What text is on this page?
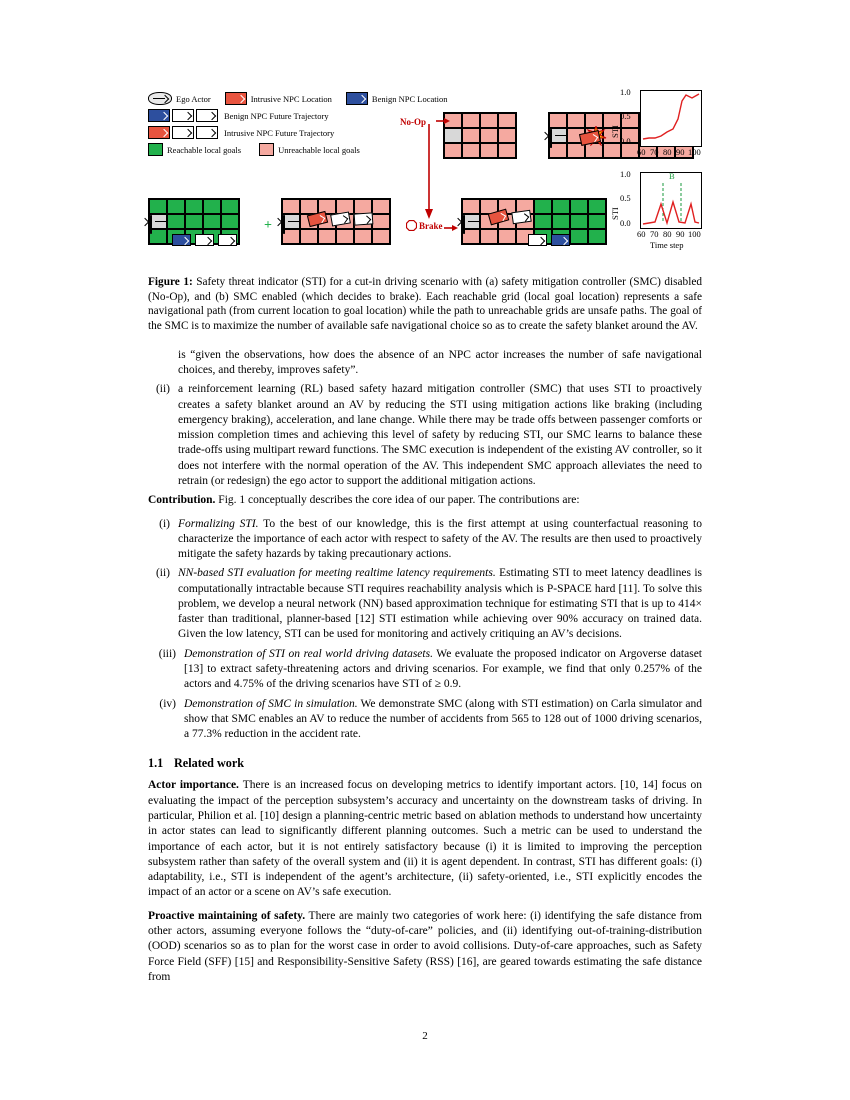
Ego Actor	Intrusive NPC Location	Benign NPC Location
Benign NPC Future Trajectory
Intrusive NPC Future Trajectory
Reachable local goals	Unreachable local goals
No-Op
Brake

+

STI
1.0
0.5
0.0
60 70 80 90 100
STI
1.0
0.5
0.0
B
60 70 80 90 100
Time step
Figure 1: Safety threat indicator (STI) for a cut-in driving scenario with (a) safety mitigation controller (SMC) disabled (No-Op), and (b) SMC enabled (which decides to brake). Each reachable grid (local goal location) represents a safe navigational path (from current location to goal location) while the path to unreachable grids are unsafe paths. The goal of the SMC is to maximize the number of available safe navigational choice so as to create the safety blanket around the AV.
is “given the observations, how does the absence of an NPC actor increases the number of safe navigational choices, and thereby, improves safety”.
(ii) a reinforcement learning (RL) based safety hazard mitigation controller (SMC) that uses STI to proactively creates a safety blanket around an AV by reducing the STI using mitigation actions like braking (including emergency braking), acceleration, and lane change. While there may be trade offs between passenger comforts or mission completion times and achieving this level of safety by reducing STI, our SMC learns to balance these trade-offs using multipart reward functions. The SMC execution is independent of the existing AV controller, so it does not interfere with the normal operation of the AV. This independent SMC approach alleviates the need to retrain (or redesign) the ego actor to support the additional mitigation actions.

Contribution. Fig. 1 conceptually describes the core idea of our paper. The contributions are:

(i) Formalizing STI. To the best of our knowledge, this is the first attempt at using counterfactual reasoning to characterize the importance of each actor with respect to safety of the AV. The results are then used to proactively mitigate the safety hazards by taking precautionary actions.
(ii) NN-based STI evaluation for meeting realtime latency requirements. Estimating STI to meet latency deadlines is computationally intractable because STI requires reachability analysis which is P-SPACE hard [11]. To solve this problem, we develop a neural network (NN) based approximation technique for estimating STI that is up to 414× faster than traditional, planner-based [12] STI estimation while achieving over 90% accuracy on trained data. Given the low latency, STI can be used for monitoring and actively critiquing an AV’s decisions.
(iii) Demonstration of STI on real world driving datasets. We evaluate the proposed indicator on Argoverse dataset [13] to extract safety-threatening actors and driving scenarios. For example, we find that only 0.257% of the actors and 4.75% of the driving scenarios have STI of ≥ 0.9.
(iv) Demonstration of SMC in simulation. We demonstrate SMC (along with STI estimation) on Carla simulator and show that SMC enables an AV to reduce the number of accidents from 565 to 128 out of 1000 driving scenarios, a 77.3% reduction in the accident rate.
1.1 Related work

Actor importance. There is an increased focus on developing metrics to identify important actors. [10, 14] focus on evaluating the impact of the perception subsystem’s accuracy and uncertainty on the downstream tasks of driving. In particular, Philion et al. [10] design a planning-centric metric based on ablation methods to understand how uncertainty in actor states can lead to significantly different planning outcomes. Such a metric can be used to understand the importance of each actor, but it is not entirely satisfactory because (i) it is limited to improving the perception subsystem rather than safety of the overall system and (ii) it is agent dependent. In contrast, STI has different goals: (i) adaptability, i.e., STI is independent of the agent’s architecture, (ii) safety-oriented, i.e., STI explicitly encodes the impact of an actor or a scene on AV’s safe execution.

Proactive maintaining of safety. There are mainly two categories of work here: (i) identifying the safe distance from other actors, assuming everyone follows the “duty-of-care” policies, and (ii) identifying out-of-training-distribution (OOD) scenarios so as to plan for the worst case in order to avoid collisions. Duty-of-care approaches, such as Safety Force Field (SFF) [15] and Responsibility-Sensitive Safety (RSS) [16], are geared towards estimating the safe distance from

2
